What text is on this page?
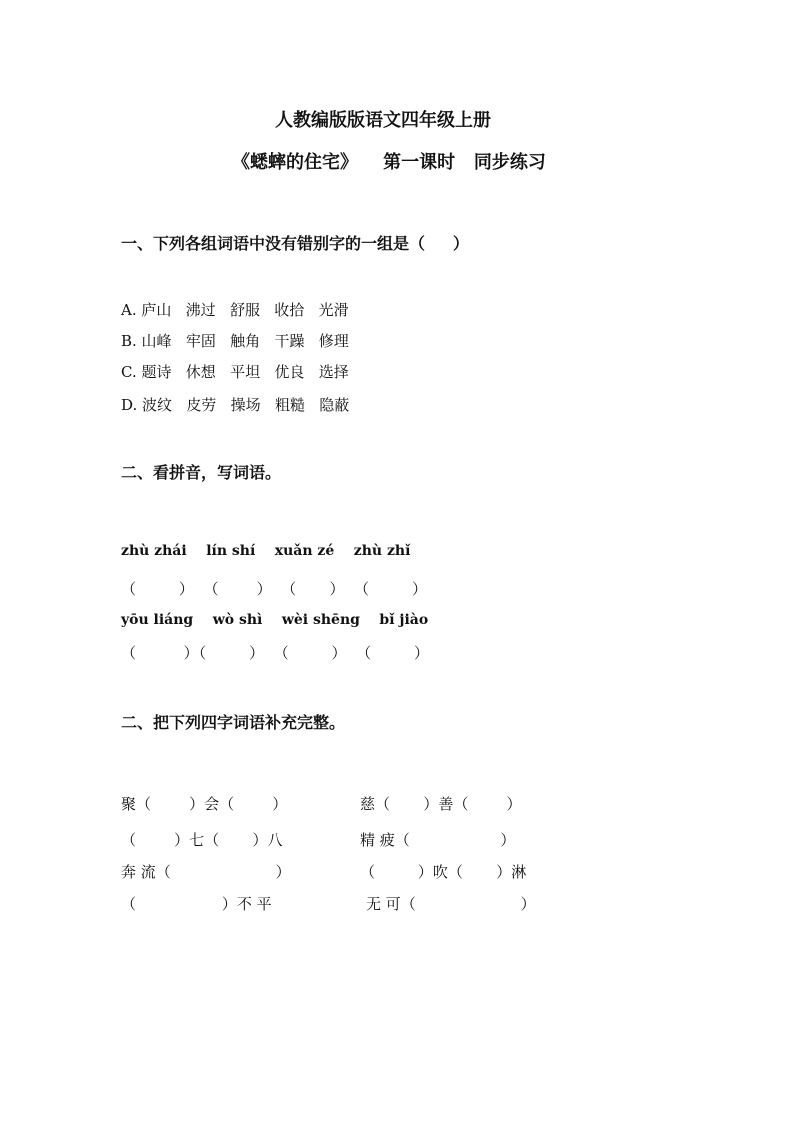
人教编版版语文四年级上册
《蟋蟀的住宅》    第一课时   同步练习
一、下列各组词语中没有错别字的一组是（     ）
A. 庐山   沸过   舒服   收拾   光滑
B. 山峰   牢固   触角   干躁   修理
C. 题诗   休想   平坦   优良   选择
D. 波纹   皮劳   操场   粗糙   隐蔽
二、看拼音，写词语。
zhù zhái    lín shí    xuǎn zé    zhù zhǐ
（         ）  （        ）  （       ）  （         ）
yōu liáng    wò shì    wèi shēng    bǐ jiào
（          ）（         ）  （         ）  （         ）
二、把下列四字词语补充完整。
聚（        ）会（        ）	慈（       ）善（        ）
（        ）七（       ）八	精 疲（                   ）
奔 流（                      ）	（         ）吹（       ）淋
（                  ）不 平	无 可（                      ）
